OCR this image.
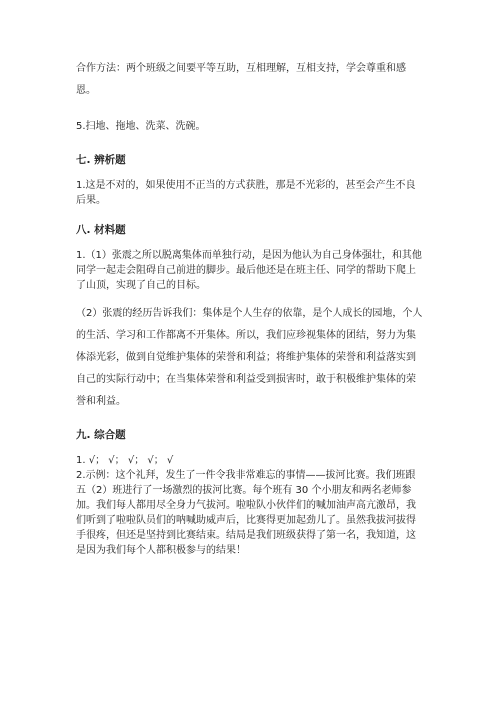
合作方法：两个班级之间要平等互助，互相理解，互相支持，学会尊重和感

恩。

5.扫地、拖地、洗菜、洗碗。

七. 辨析题

1.这是不对的，如果使用不正当的方式获胜，那是不光彩的，甚至会产生不良

后果。

八. 材料题

1.（1）张震之所以脱离集体而单独行动，是因为他认为自己身体强壮，和其他

同学一起走会阻碍自己前进的脚步。最后他还是在班主任、同学的帮助下爬上

了山顶，实现了自己的目标。

（2）张震的经历告诉我们：集体是个人生存的依靠，是个人成长的园地，个人

的生活、学习和工作都离不开集体。所以，我们应珍视集体的团结，努力为集

体添光彩，做到自觉维护集体的荣誉和利益；将维护集体的荣誉和利益落实到

自己的实际行动中；在当集体荣誉和利益受到损害时，敢于积极维护集体的荣

誉和利益。

九. 综合题

1. √； √； √； √； √

2.示例：这个礼拜，发生了一件令我非常难忘的事情——拔河比赛。我们班跟

五（2）班进行了一场激烈的拔河比赛。每个班有 30 个小朋友和两名老师参

加。我们每人都用尽全身力气拔河。啦啦队小伙伴们的喊加油声高亢激昂，我

们听到了啦啦队员们的呐喊助威声后，比赛得更加起劲儿了。虽然我拔河拔得

手很疼，但还是坚持到比赛结束。结局是我们班级获得了第一名，我知道，这

是因为我们每个人都积极参与的结果！
